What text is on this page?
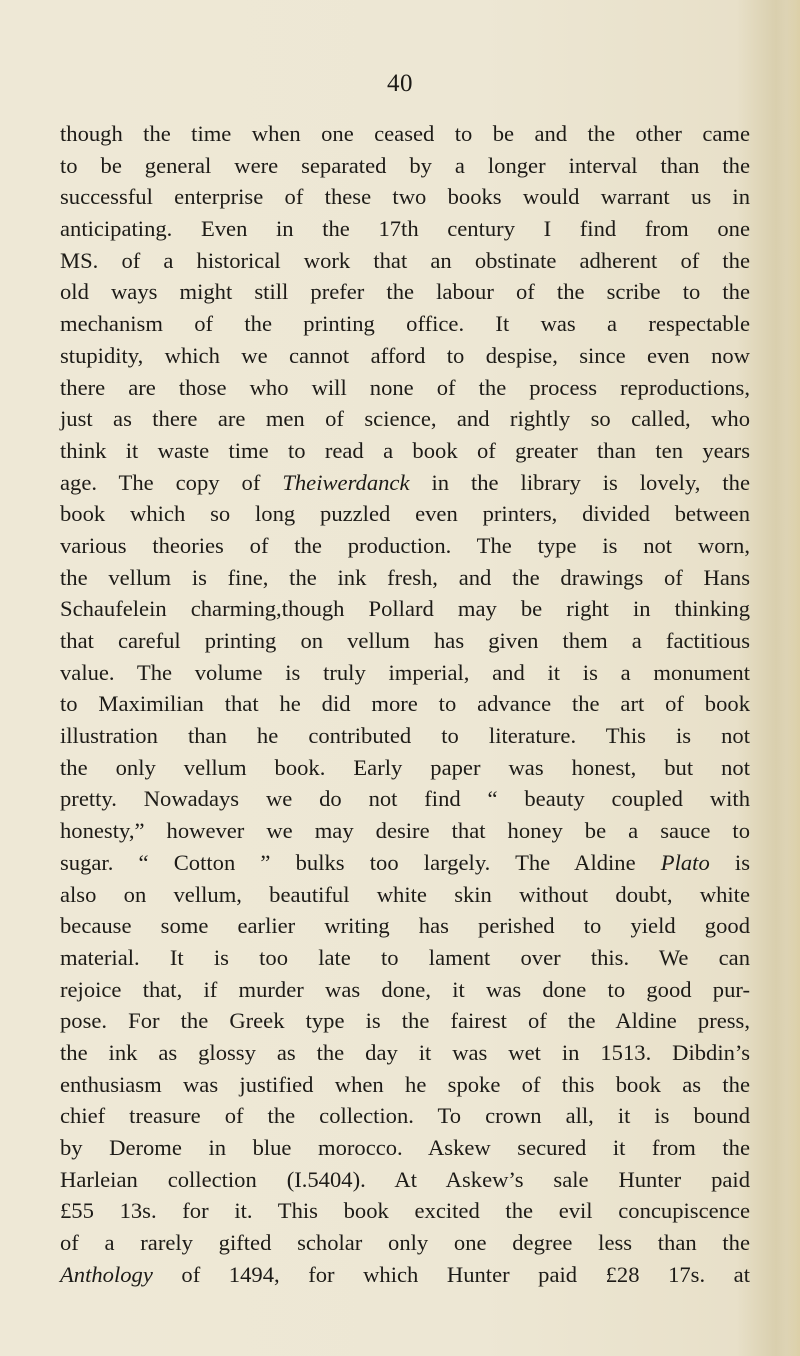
40
though the time when one ceased to be and the other came
to be general were separated by a longer interval than the
successful enterprise of these two books would warrant us in
anticipating. Even in the 17th century I find from one
MS. of a historical work that an obstinate adherent of the
old ways might still prefer the labour of the scribe to the
mechanism of the printing office. It was a respectable
stupidity, which we cannot afford to despise, since even now
there are those who will none of the process reproductions,
just as there are men of science, and rightly so called, who
think it waste time to read a book of greater than ten years
age. The copy of Theiwerdanck in the library is lovely, the
book which so long puzzled even printers, divided between
various theories of the production. The type is not worn,
the vellum is fine, the ink fresh, and the drawings of Hans
Schaufelein charming,though Pollard may be right in thinking
that careful printing on vellum has given them a factitious
value. The volume is truly imperial, and it is a monument
to Maximilian that he did more to advance the art of book
illustration than he contributed to literature. This is not
the only vellum book. Early paper was honest, but not
pretty. Nowadays we do not find “ beauty coupled with
honesty,” however we may desire that honey be a sauce to
sugar. “ Cotton ” bulks too largely. The Aldine Plato is
also on vellum, beautiful white skin without doubt, white
because some earlier writing has perished to yield good
material. It is too late to lament over this. We can
rejoice that, if murder was done, it was done to good pur-
pose. For the Greek type is the fairest of the Aldine press,
the ink as glossy as the day it was wet in 1513. Dibdin’s
enthusiasm was justified when he spoke of this book as the
chief treasure of the collection. To crown all, it is bound
by Derome in blue morocco. Askew secured it from the
Harleian collection (I.5404). At Askew’s sale Hunter paid
£55 13s. for it. This book excited the evil concupiscence
of a rarely gifted scholar only one degree less than the
Anthology of 1494, for which Hunter paid £28 17s. at
